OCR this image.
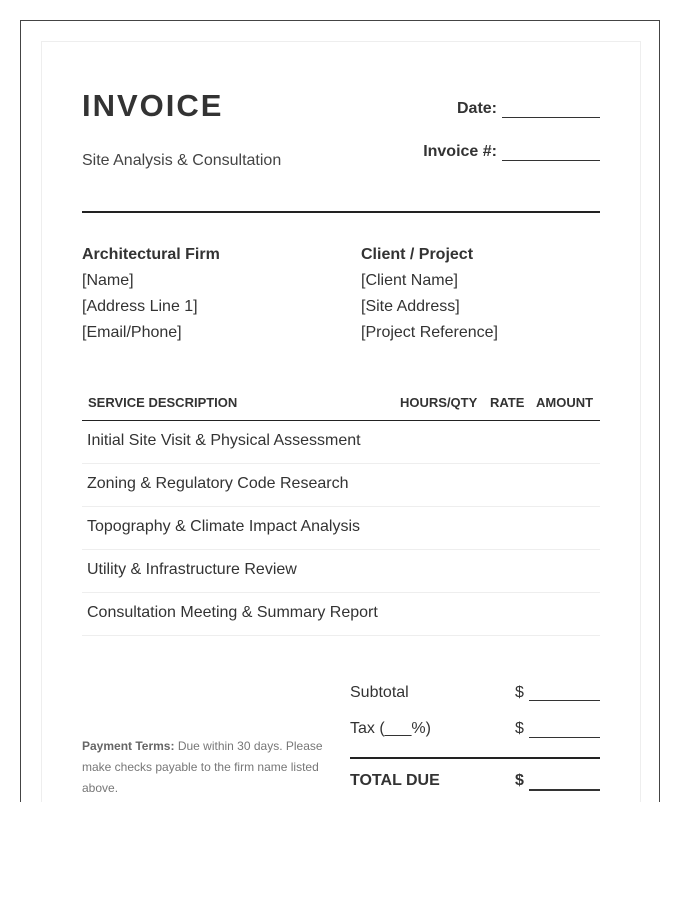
INVOICE
Site Analysis & Consultation
Date:
Invoice #:
Architectural Firm
[Name]
[Address Line 1]
[Email/Phone]
Client / Project
[Client Name]
[Site Address]
[Project Reference]
SERVICE DESCRIPTION	HOURS/QTY RATE AMOUNT
Initial Site Visit & Physical Assessment
Zoning & Regulatory Code Research
Topography & Climate Impact Analysis
Utility & Infrastructure Review
Consultation Meeting & Summary Report
Payment Terms: Due within 30 days. Please make checks payable to the firm name listed above.
Subtotal	$
Tax (___%)	$
TOTAL DUE	$
